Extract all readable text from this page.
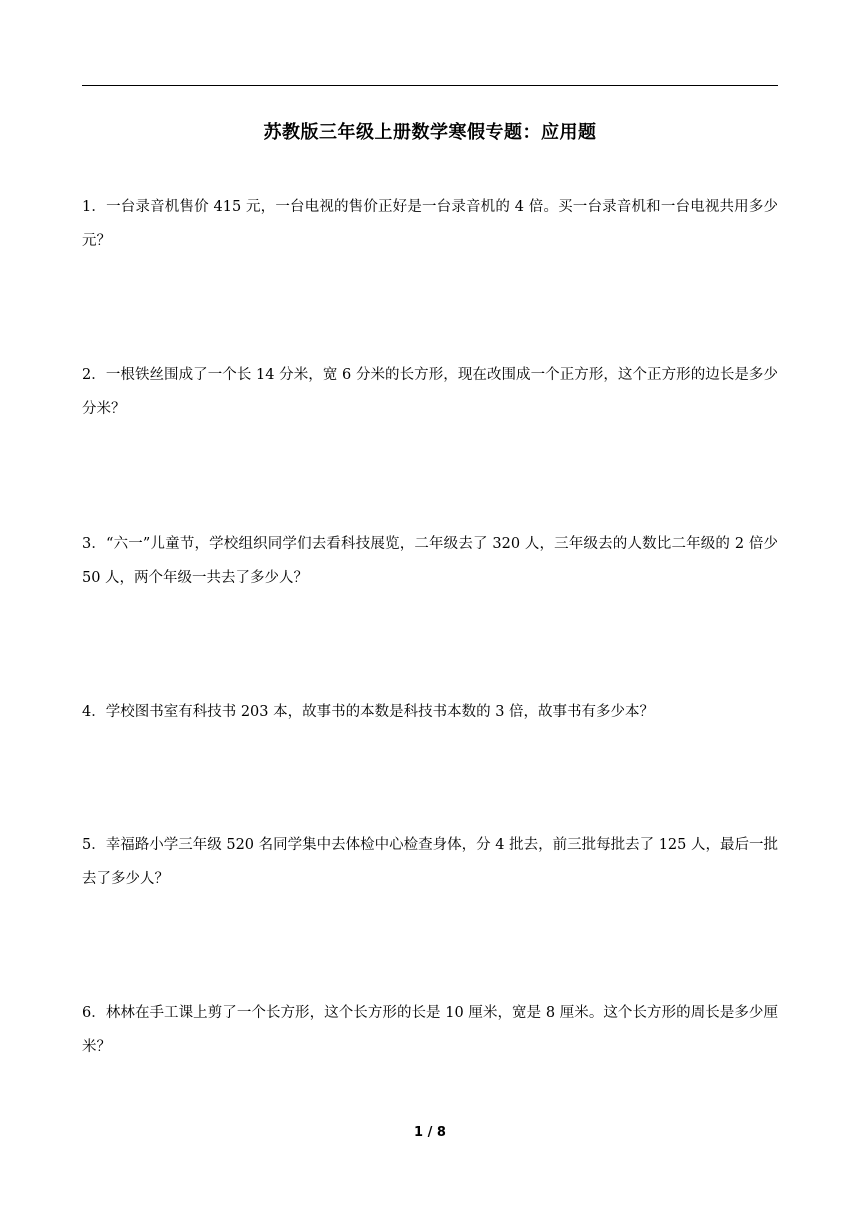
苏教版三年级上册数学寒假专题：应用题
1．一台录音机售价 415 元，一台电视的售价正好是一台录音机的 4 倍。买一台录音机和一台电视共用多少元？
2．一根铁丝围成了一个长 14 分米，宽 6 分米的长方形，现在改围成一个正方形，这个正方形的边长是多少分米？
3．“六一”儿童节，学校组织同学们去看科技展览，二年级去了 320 人，三年级去的人数比二年级的 2 倍少 50 人，两个年级一共去了多少人？
4．学校图书室有科技书 203 本，故事书的本数是科技书本数的 3 倍，故事书有多少本？
5．幸福路小学三年级 520 名同学集中去体检中心检查身体，分 4 批去，前三批每批去了 125 人，最后一批去了多少人？
6．林林在手工课上剪了一个长方形，这个长方形的长是 10 厘米，宽是 8 厘米。这个长方形的周长是多少厘米？
1 / 8
